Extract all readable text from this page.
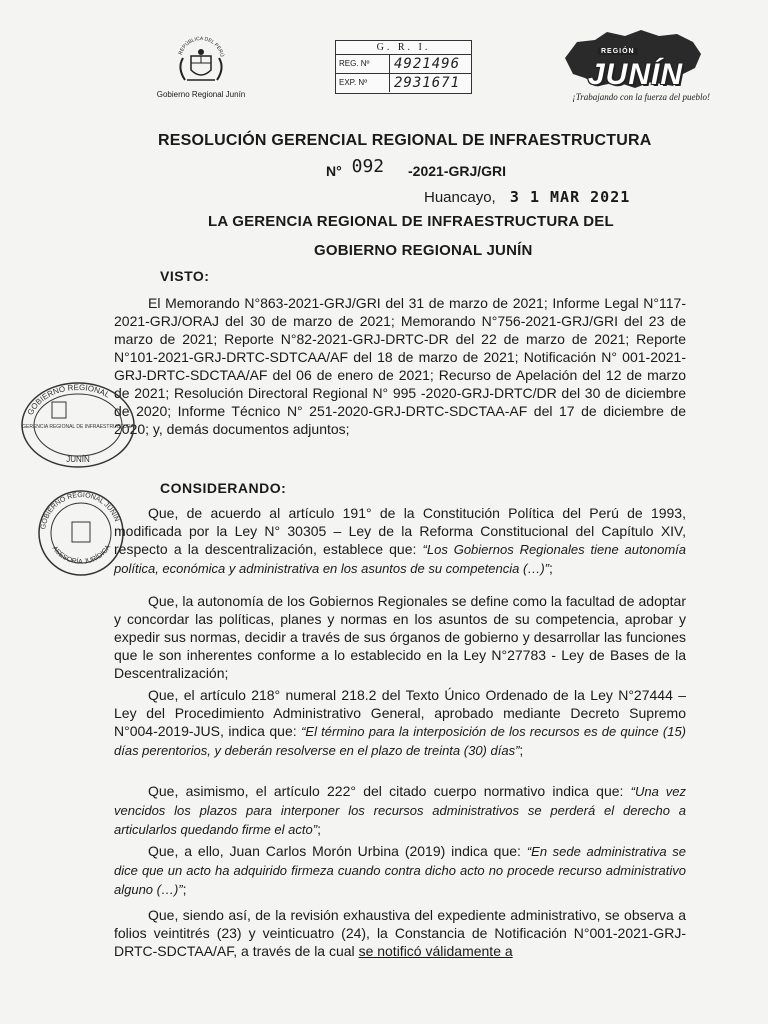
REPÚBLICA DEL PERÚ
Gobierno Regional Junín
G. R. I.
REG. Nº	4921496
EXP. Nº	2931671
REGIÓN
JUNÍN
¡Trabajando con la fuerza del pueblo!
RESOLUCIÓN GERENCIAL REGIONAL DE INFRAESTRUCTURA
N° 092 -2021-GRJ/GRI
Huancayo, 3 1 MAR 2021
LA GERENCIA REGIONAL DE INFRAESTRUCTURA DEL
GOBIERNO REGIONAL JUNÍN
VISTO:
El Memorando N°863-2021-GRJ/GRI del 31 de marzo de 2021; Informe Legal N°117-2021-GRJ/ORAJ del 30 de marzo de 2021; Memorando N°756-2021-GRJ/GRI del 23 de marzo de 2021; Reporte N°82-2021-GRJ-DRTC-DR del 22 de marzo de 2021; Reporte N°101-2021-GRJ-DRTC-SDTCAA/AF del 18 de marzo de 2021; Notificación N° 001-2021-GRJ-DRTC-SDCTAA/AF del 06 de enero de 2021; Recurso de Apelación del 12 de marzo de 2021; Resolución Directoral Regional N° 995 -2020-GRJ-DRTC/DR del 30 de diciembre de 2020; Informe Técnico N° 251-2020-GRJ-DRTC-SDCTAA-AF del 17 de diciembre de 2020; y, demás documentos adjuntos;
GOBIERNO REGIONAL
GERENCIA REGIONAL DE INFRAESTRUCTURA
JUNÍN
CONSIDERANDO:
GOBIERNO REGIONAL JUNÍN
ASESORÍA JURÍDICA
Que, de acuerdo al artículo 191° de la Constitución Política del Perú de 1993, modificada por la Ley N° 30305 – Ley de la Reforma Constitucional del Capítulo XIV, respecto a la descentralización, establece que: “Los Gobiernos Regionales tiene autonomía política, económica y administrativa en los asuntos de su competencia (…)”;
Que, la autonomía de los Gobiernos Regionales se define como la facultad de adoptar y concordar las políticas, planes y normas en los asuntos de su competencia, aprobar y expedir sus normas, decidir a través de sus órganos de gobierno y desarrollar las funciones que le son inherentes conforme a lo establecido en la Ley N°27783 - Ley de Bases de la Descentralización;
Que, el artículo 218° numeral 218.2 del Texto Único Ordenado de la Ley N°27444 – Ley del Procedimiento Administrativo General, aprobado mediante Decreto Supremo N°004-2019-JUS, indica que: “El término para la interposición de los recursos es de quince (15) días perentorios, y deberán resolverse en el plazo de treinta (30) días”;
Que, asimismo, el artículo 222° del citado cuerpo normativo indica que: “Una vez vencidos los plazos para interponer los recursos administrativos se perderá el derecho a articularlos quedando firme el acto”;
Que, a ello, Juan Carlos Morón Urbina (2019) indica que: “En sede administrativa se dice que un acto ha adquirido firmeza cuando contra dicho acto no procede recurso administrativo alguno (…)”;
Que, siendo así, de la revisión exhaustiva del expediente administrativo, se observa a folios veintitrés (23) y veinticuatro (24), la Constancia de Notificación N°001-2021-GRJ-DRTC-SDCTAA/AF, a través de la cual se notificó válidamente a
